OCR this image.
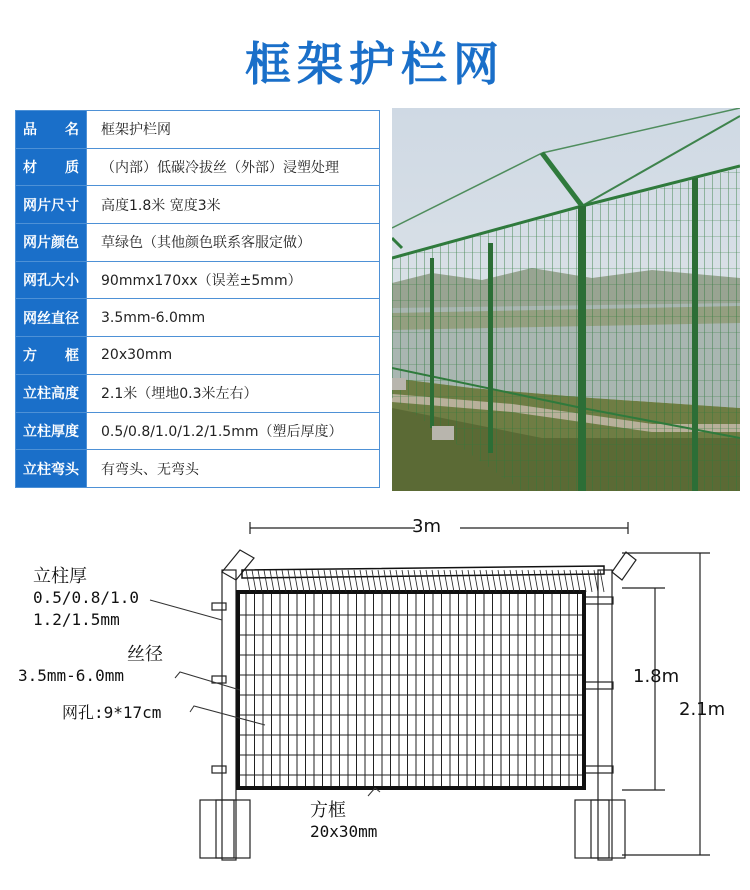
框架护栏网
品　　名	框架护栏网
材　　质	（内部）低碳冷拔丝（外部）浸塑处理
网片尺寸	高度1.8米 宽度3米
网片颜色	草绿色（其他颜色联系客服定做）
网孔大小	90mmx170xx（误差±5mm）
网丝直径	3.5mm-6.0mm
方　　框	20x30mm
立柱高度	2.1米（埋地0.3米左右）
立柱厚度	0.5/0.8/1.0/1.2/1.5mm（塑后厚度）
立柱弯头	有弯头、无弯头
3m
1.8m
2.1m
立柱厚
0.5/0.8/1.0
1.2/1.5mm
丝径
3.5mm-6.0mm
网孔:9*17cm
方框
20x30mm
